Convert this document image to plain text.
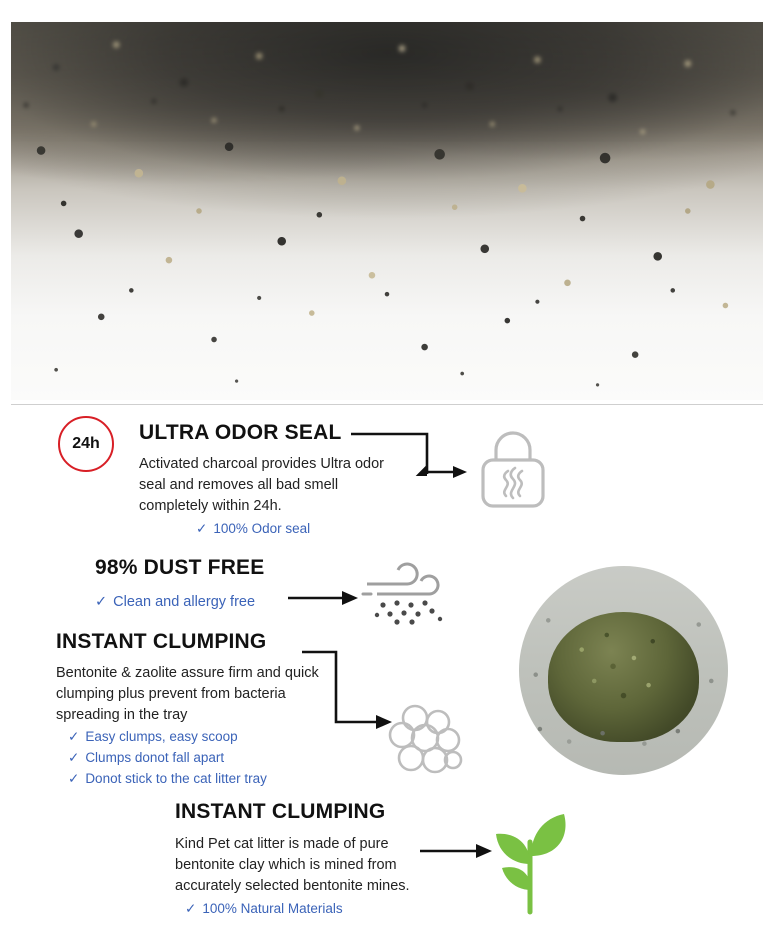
24h ULTRA ODOR SEAL
Activated charcoal provides Ultra odor seal and removes all bad smell completely within 24h.
✓ 100% Odor seal
98% DUST FREE
✓ Clean and allergy free
INSTANT CLUMPING
Bentonite & zaolite assure firm and quick clumping plus prevent from bacteria spreading in the tray
✓ Easy clumps, easy scoop
✓ Clumps donot fall apart
✓ Donot stick to the cat litter tray
INSTANT CLUMPING
Kind Pet cat litter is made of pure bentonite clay which is mined from accurately selected bentonite mines.
✓ 100% Natural Materials
